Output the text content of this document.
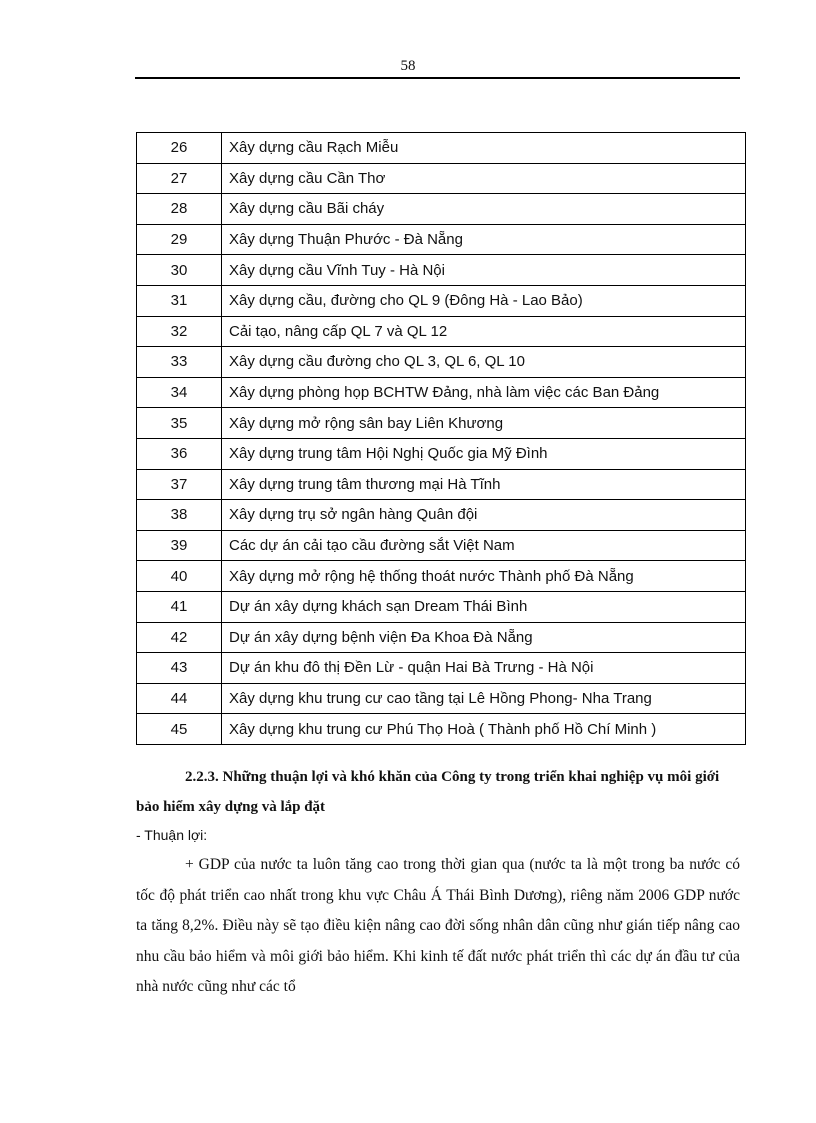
58
26	Xây dựng cầu Rạch Miễu
27	Xây dựng cầu Cần Thơ
28	Xây dựng cầu Bãi cháy
29	Xây dựng Thuận Phước - Đà Nẵng
30	Xây dựng cầu Vĩnh Tuy - Hà Nội
31	Xây dựng cầu, đường cho QL 9 (Đông Hà - Lao Bảo)
32	Cải tạo, nâng cấp QL 7 và QL 12
33	Xây dựng cầu đường cho QL 3, QL 6, QL 10
34	Xây dựng phòng họp BCHTW Đảng, nhà làm việc các Ban Đảng
35	Xây dựng mở rộng sân bay Liên Khương
36	Xây dựng trung tâm Hội Nghị Quốc gia Mỹ Đình
37	Xây dựng trung tâm thương mại Hà Tĩnh
38	Xây dựng trụ sở ngân hàng Quân đội
39	Các dự án cải tạo cầu đường sắt Việt Nam
40	Xây dựng mở rộng hệ thống thoát nước Thành phố Đà Nẵng
41	Dự án xây dựng khách sạn Dream Thái Bình
42	Dự án xây dựng bệnh viện Đa Khoa Đà Nẵng
43	Dự án khu đô thị Đền Lừ - quận Hai Bà Trưng - Hà Nội
44	Xây dựng khu trung cư cao tầng tại Lê Hồng Phong- Nha Trang
45	Xây dựng khu trung cư Phú Thọ Hoà ( Thành phố Hồ Chí Minh )
2.2.3. Những thuận lợi và khó khăn của Công ty trong triển khai nghiệp vụ môi giới bảo hiểm xây dựng và lắp đặt
- Thuận lợi:
+ GDP của nước ta luôn tăng cao trong thời gian qua (nước ta là một trong ba nước có tốc độ phát triển cao nhất trong khu vực Châu Á Thái Bình Dương), riêng năm 2006 GDP nước ta tăng 8,2%. Điều này sẽ tạo điều kiện nâng cao đời sống nhân dân cũng như gián tiếp nâng cao nhu cầu bảo hiểm và môi giới bảo hiểm. Khi kinh tế đất nước phát triển thì các dự án đầu tư của nhà nước cũng như các tổ
